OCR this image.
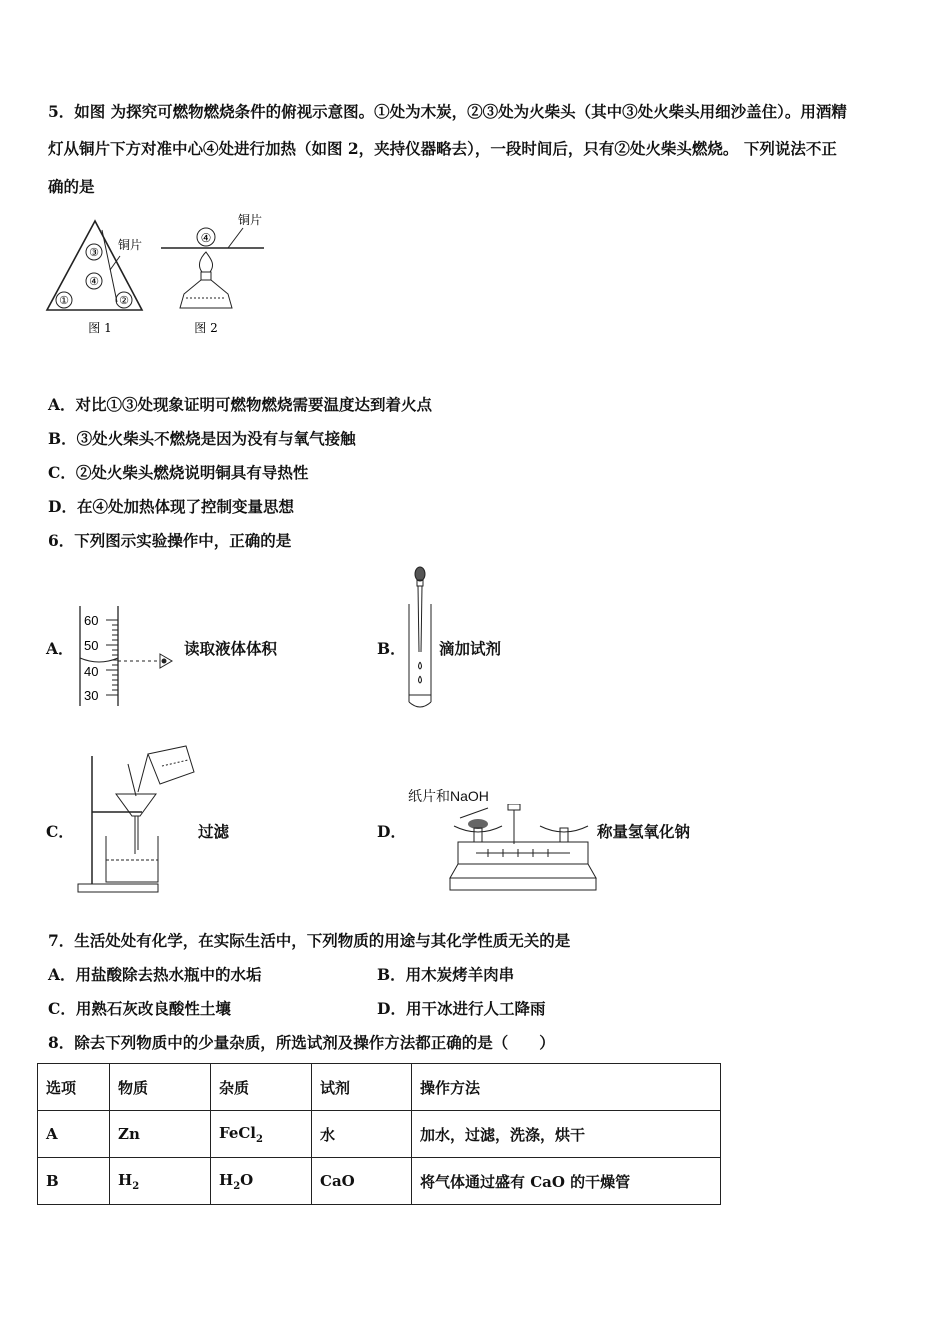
5．如图 为探究可燃物燃烧条件的俯视示意图。①处为木炭，②③处为火柴头（其中③处火柴头用细沙盖住）。用酒精
灯从铜片下方对准中心④处进行加热（如图 2，夹持仪器略去），一段时间后，只有②处火柴头燃烧。 下列说法不正
确的是
③
④
①	②
铜片
图 1
铜片
④
图 2
A．对比①③处现象证明可燃物燃烧需要温度达到着火点
B．③处火柴头不燃烧是因为没有与氧气接触
C．②处火柴头燃烧说明铜具有导热性
D．在④处加热体现了控制变量思想
6．下列图示实验操作中，正确的是
A．
60
50
40
30
读取液体体积	B． 滴加试剂
C．	过滤	D．
纸片和NaOH
称量氢氧化钠
7．生活处处有化学，在实际生活中，下列物质的用途与其化学性质无关的是
A．用盐酸除去热水瓶中的水垢	B．用木炭烤羊肉串
C．用熟石灰改良酸性土壤	D．用干冰进行人工降雨
8．除去下列物质中的少量杂质，所选试剂及操作方法都正确的是（　　）
选项	物质	杂质	试剂	操作方法
A	Zn	FeCl$_2$	水	加水，过滤，洗涤，烘干
B	$H_2$	$H_2O$	CaO	将气体通过盛有 CaO 的干燥管
